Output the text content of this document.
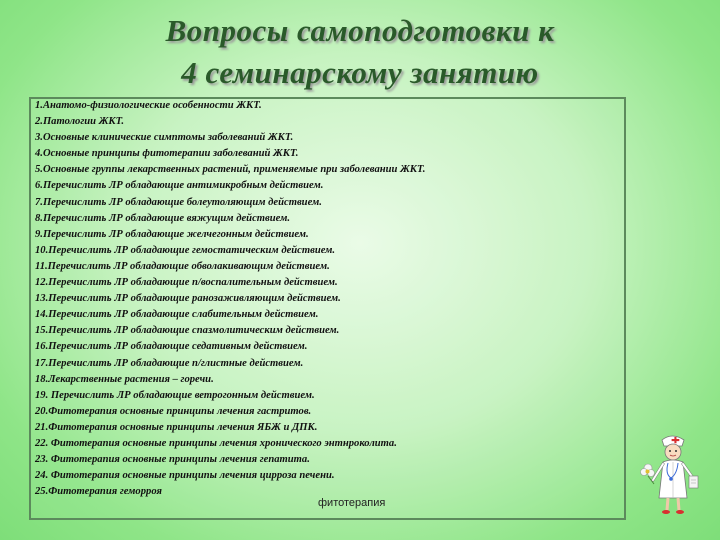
Вопросы самоподготовки к
4 семинарскому занятию
1.Анатомо-физиологические особенности ЖКТ.
2.Патологии ЖКТ.
3.Основные клинические симптомы заболеваний ЖКТ.
4.Основные принципы фитотерапии заболеваний ЖКТ.
5.Основные группы лекарственных растений, применяемые при заболевании ЖКТ.
6.Перечислить ЛР обладающие антимикробным действием.
7.Перечислить ЛР обладающие болеутоляющим действием.
8.Перечислить ЛР обладающие вяжущим действием.
9.Перечислить ЛР обладающие желчегонным действием.
10.Перечислить ЛР обладающие гемостатическим действием.
11.Перечислить ЛР обладающие обволакивающим действием.
12.Перечислить ЛР обладающие п/воспалительным действием.
13.Перечислить ЛР обладающие ранозаживляющим действием.
14.Перечислить ЛР обладающие слабительным действием.
15.Перечислить ЛР обладающие спазмолитическим действием.
16.Перечислить ЛР обладающие седативным действием.
17.Перечислить ЛР обладающие п/глистные действием.
18.Лекарственные растения – горечи.
19. Перечислить ЛР обладающие ветрогонным действием.
20.Фитотерапия основные принципы лечения гастритов.
21.Фитотерапия основные принципы лечения ЯБЖ и ДПК.
22. Фитотерапия основные принципы лечения хронического энтнроколита.
23. Фитотерапия основные принципы лечения гепатита.
24. Фитотерапия основные принципы лечения цирроза печени.
25.Фитотерапия геморроя
фитотерапия
